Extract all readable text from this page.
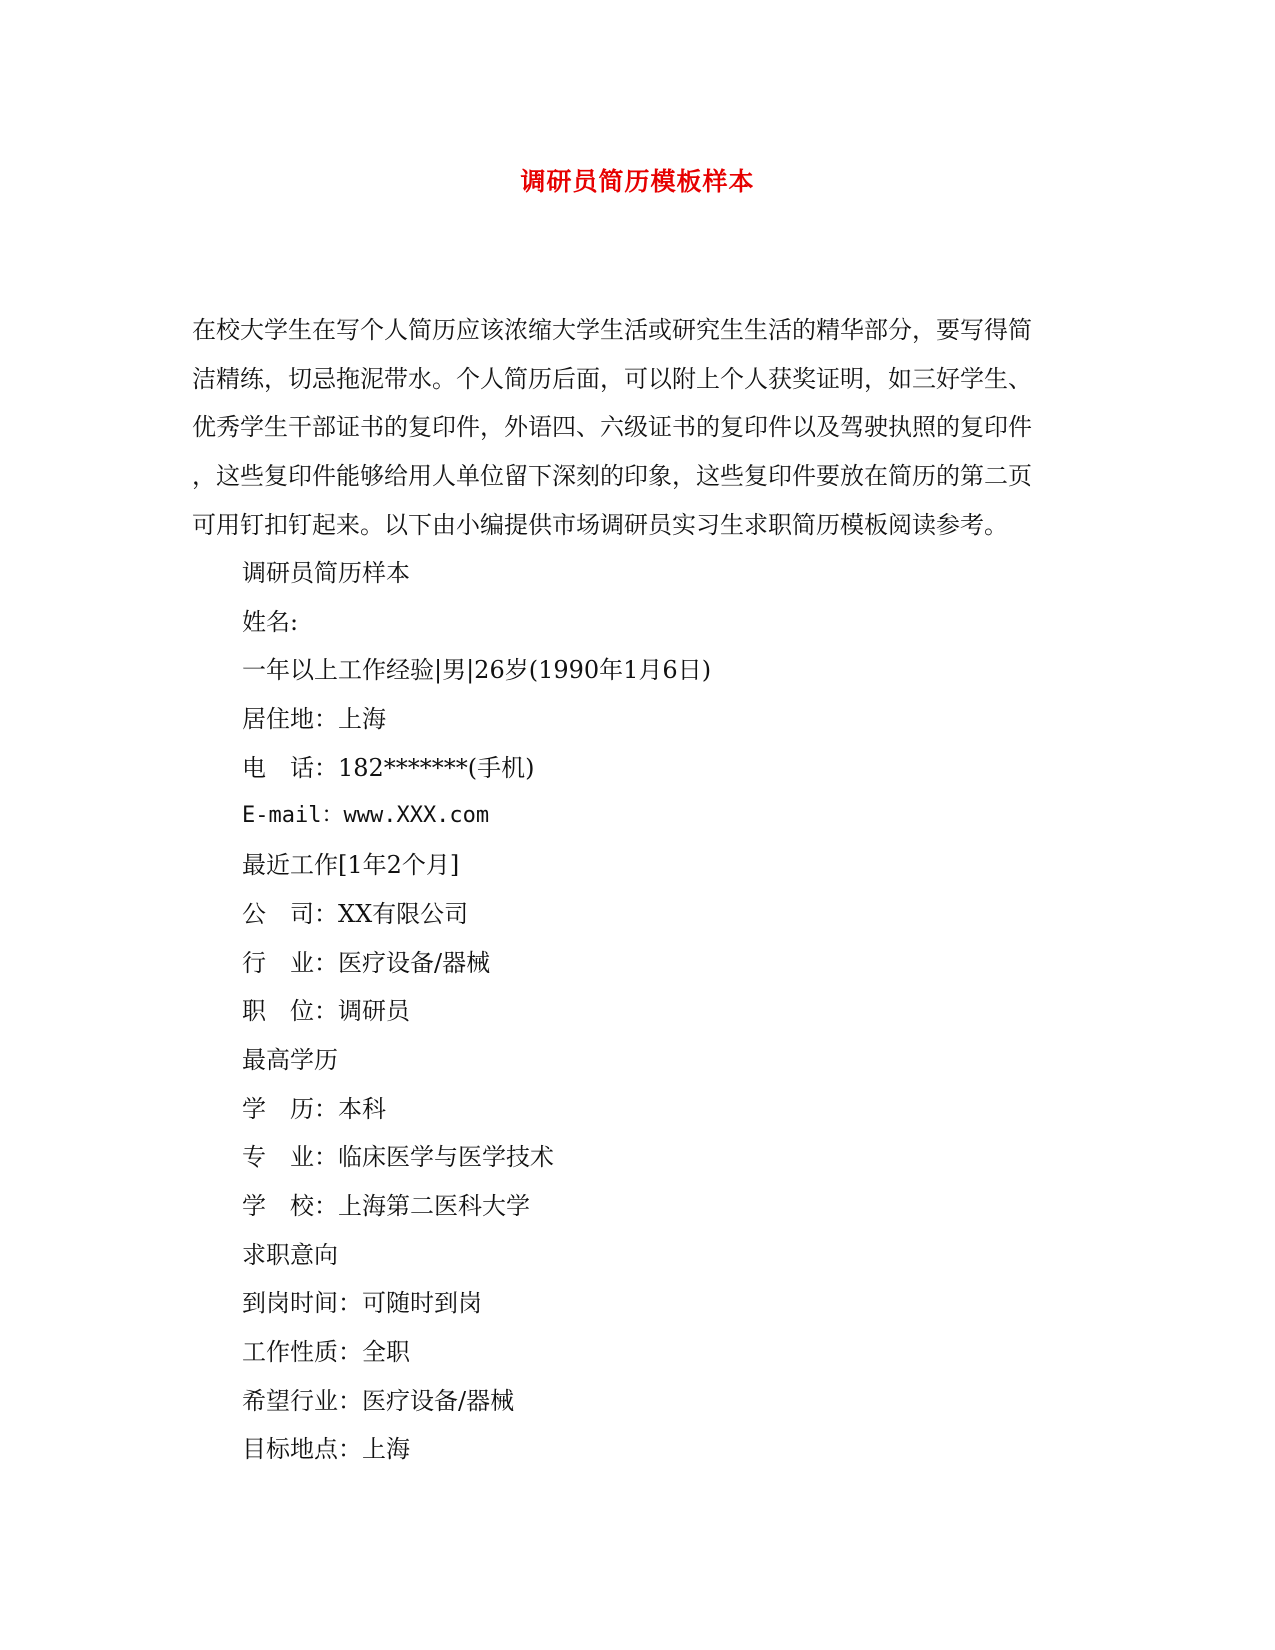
调研员简历模板样本
在校大学生在写个人简历应该浓缩大学生活或研究生生活的精华部分，要写得简
洁精练，切忌拖泥带水。个人简历后面，可以附上个人获奖证明，如三好学生、
优秀学生干部证书的复印件，外语四、六级证书的复印件以及驾驶执照的复印件
，这些复印件能够给用人单位留下深刻的印象，这些复印件要放在简历的第二页
可用钉扣钉起来。以下由小编提供市场调研员实习生求职简历模板阅读参考。
调研员简历样本
姓名:
一年以上工作经验|男|26岁(1990年1月6日)
居住地：上海
电　话：182*******(手机)
E-mail：www.XXX.com
最近工作[1年2个月]
公　司：XX有限公司
行　业：医疗设备/器械
职　位：调研员
最高学历
学　历：本科
专　业：临床医学与医学技术
学　校：上海第二医科大学
求职意向
到岗时间：可随时到岗
工作性质：全职
希望行业：医疗设备/器械
目标地点：上海
